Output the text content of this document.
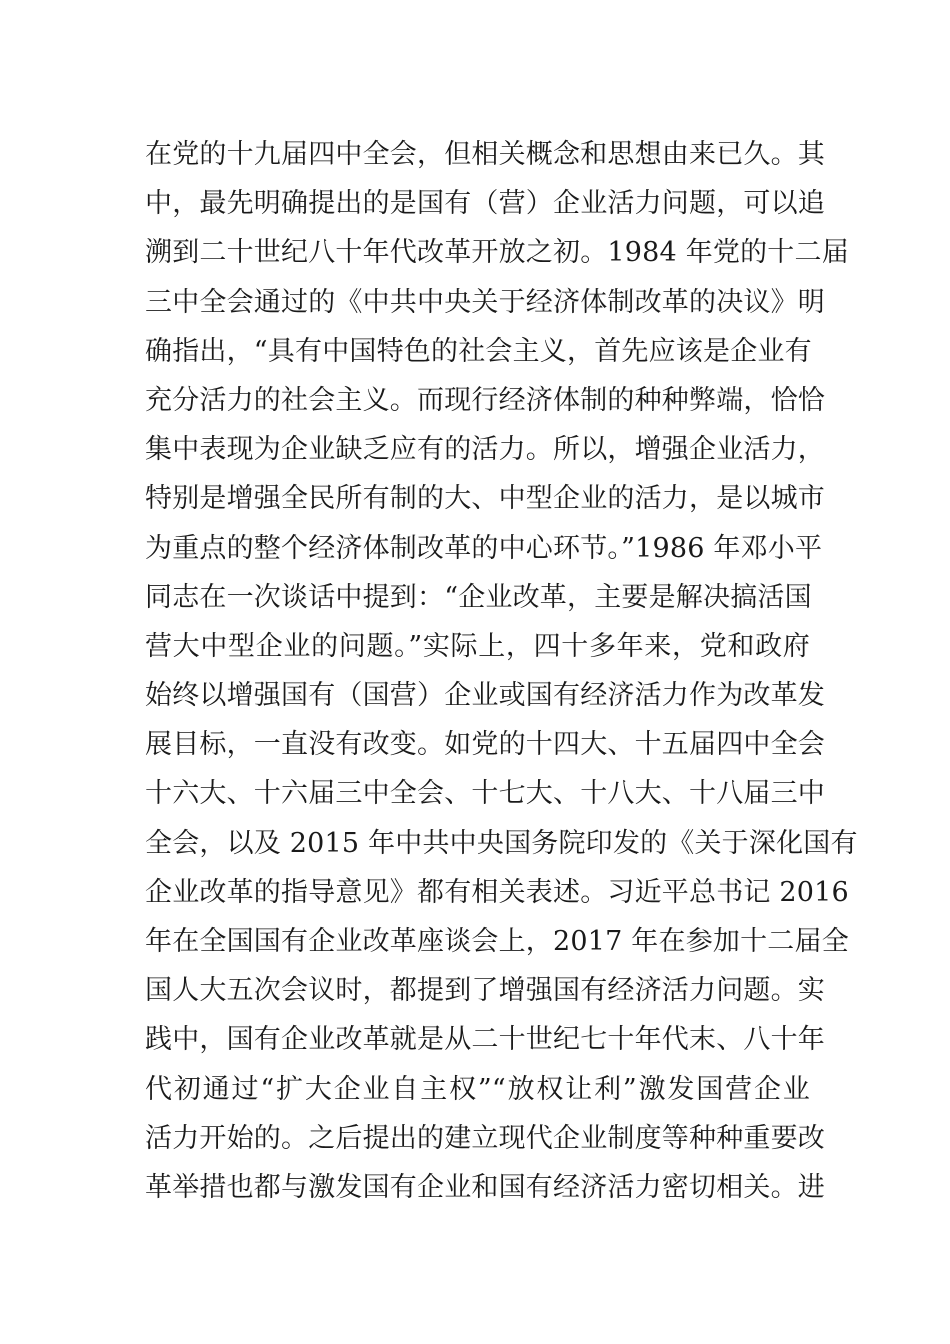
在党的十九届四中全会，但相关概念和思想由来已久。其
中，最先明确提出的是国有（营）企业活力问题，可以追
溯到二十世纪八十年代改革开放之初。1984 年党的十二届
三中全会通过的《中共中央关于经济体制改革的决议》明
确指出，“具有中国特色的社会主义，首先应该是企业有
充分活力的社会主义。而现行经济体制的种种弊端，恰恰
集中表现为企业缺乏应有的活力。所以，增强企业活力，
特别是增强全民所有制的大、中型企业的活力，是以城市
为重点的整个经济体制改革的中心环节。”1986 年邓小平
同志在一次谈话中提到：“企业改革，主要是解决搞活国
营大中型企业的问题。”实际上，四十多年来，党和政府
始终以增强国有（国营）企业或国有经济活力作为改革发
展目标，一直没有改变。如党的十四大、十五届四中全会
十六大、十六届三中全会、十七大、十八大、十八届三中
全会，以及 2015 年中共中央国务院印发的《关于深化国有
企业改革的指导意见》都有相关表述。习近平总书记 2016
年在全国国有企业改革座谈会上，2017 年在参加十二届全
国人大五次会议时，都提到了增强国有经济活力问题。实
践中，国有企业改革就是从二十世纪七十年代末、八十年
代初通过“扩大企业自主权”“放权让利”激发国营企业
活力开始的。之后提出的建立现代企业制度等种种重要改
革举措也都与激发国有企业和国有经济活力密切相关。进
